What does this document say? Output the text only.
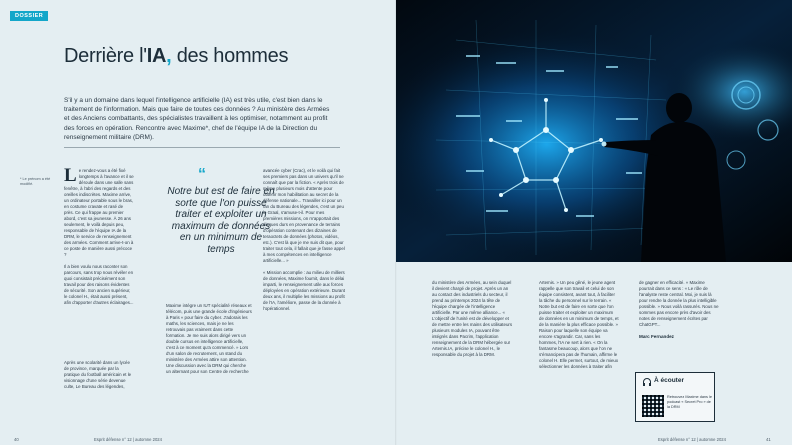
DOSSIER
Derrière l'IA, des hommes
S'il y a un domaine dans lequel l'intelligence artificielle (IA) est très utile, c'est bien dans le traitement de l'information. Mais que faire de toutes ces données ? Au ministère des Armées et des Anciens combattants, des spécialistes travaillent à les optimiser, notamment au profit des forces en opération. Rencontre avec Maxime*, chef de l'équipe IA de la Direction du renseignement militaire (DRM).
* Le prénom a été modifié.	Le rendez-vous a été fixé longtemps à l'avance et il se déroule dans une salle sans fenêtre, à l'abri des regards et des oreilles indiscrètes. Maxime arrive, un ordinateur portable sous le bras, en costume cravate et rasé de près. Ce qui frappe au premier abord, c'est sa jeunesse. À 26 ans seulement, le voilà depuis peu, responsable de l'équipe IA de la DRM, le service de renseignement des armées. Comment arrive-t-on à ce poste de manière aussi précoce ?

Il a bien voulu nous raconter son parcours, sans trop nous révéler en quoi consistait précisément son travail pour des raisons évidentes de sécurité. Son ancien supérieur, le colonel H., était aussi présent, afin d'apporter d'autres éclairages...

“
Notre but est de faire en sorte que l'on puisse traiter et exploiter un maximum de données en un minimum de temps

Maxime intègre un IUT spécialité réseaux et télécom, puis une grande école d'ingénieurs à Paris « pour faire du cyber. J'adorais les maths, les sciences, mais je ne les retrouvais pas vraiment dans cette formation. Je me suis alors dirigé vers un double cursus en intelligence artificielle, c'est à ce moment qu'a commencé. » Lors d'un salon de recrutement, un stand du ministère des Armées attire son attention. Une discussion avec la DRM qui cherche un alternant pour son Centre de recherche

avancée cyber (Crac), et le voilà qui fait ses premiers pas dans un univers qu'il ne connaît que par la fiction. « Après trois de même plusieurs mois d'attente pour obtenir mon habilitation au secret de la défense nationale... Travailler ici pour un fan du Bureau des légendes, c'est un peu le Graal, s'amuse-t-il. Pour mes premières missions, on m'apportait des disques durs en provenance de terrains d'opération contenant des dizaines de teraoctets de données (photos, vidéos, etc.). C'est là que je me suis dit que, pour traiter tout cela, il fallait que je fasse appel à mes compétences en intelligence artificielle... »

« Mission accomplie : au milieu de milliers de données, Maxime fournit, dans le délai imparti, le renseignement utile aux forces déployées en opération extérieure. Durant deux ans, il multiplie les missions au profit de l'IA, l'améliore, passe de la donnée à l'opérationnel.

Après une scolarité dans un lycée de province, marquée par la pratique du football américain et le visionnage d'une série devenue culte, Le Bureau des légendes,

40	Esprit défense n° 12 | automne 2024

du ministère des Armées, au sein duquel il devient chargé de projet. Après un an au contact des industriels du secteur, il prend au printemps 2024 la tête de l'équipe chargée de l'intelligence artificielle. Par une même alliance... « L'objectif de l'unité est de développer et de mettre entre les mains des utilisateurs plusieurs modules IA, pouvant être intégrés dans Pacrim, l'application renseignement de la DRM hébergée sur Artemis.IA, précise le colonel H., le responsable du projet à la DRM.

Artemis. » Un peu gêné, le jeune agent rappelle que son travail et celui de son équipe consistent, avant tout, à faciliter la tâche du personnel sur le terrain. « Notre but est de faire en sorte que l'on puisse traiter et exploiter un maximum de données en un minimum de temps, et de la manière la plus efficace possible. » Raison pour laquelle son équipe va encore s'agrandir. Car, sans les hommes, l'IA ne sert à rien. « On la fantasme beaucoup, alors que l'on ne s'émancipera pas de l'humain, affirme le colonel H. Elle permet, surtout, de mieux sélectionner les données à traiter afin

de gagner en efficacité. » Maxime pourrait dans ce sens : « Le rôle de l'analyste reste central. Moi, je suis là pour rendre la donnée la plus intelligible possible. » Nous voilà rassurés. Nous ne sommes pas encore près d'avoir des notes de renseignement écrites par ChatGPT...

Marc Fernandez
À écouter
Retrouvez Maxime dans le podcast « Secret Pro » de la DRM
Esprit défense n° 12 | automne 2024	41
